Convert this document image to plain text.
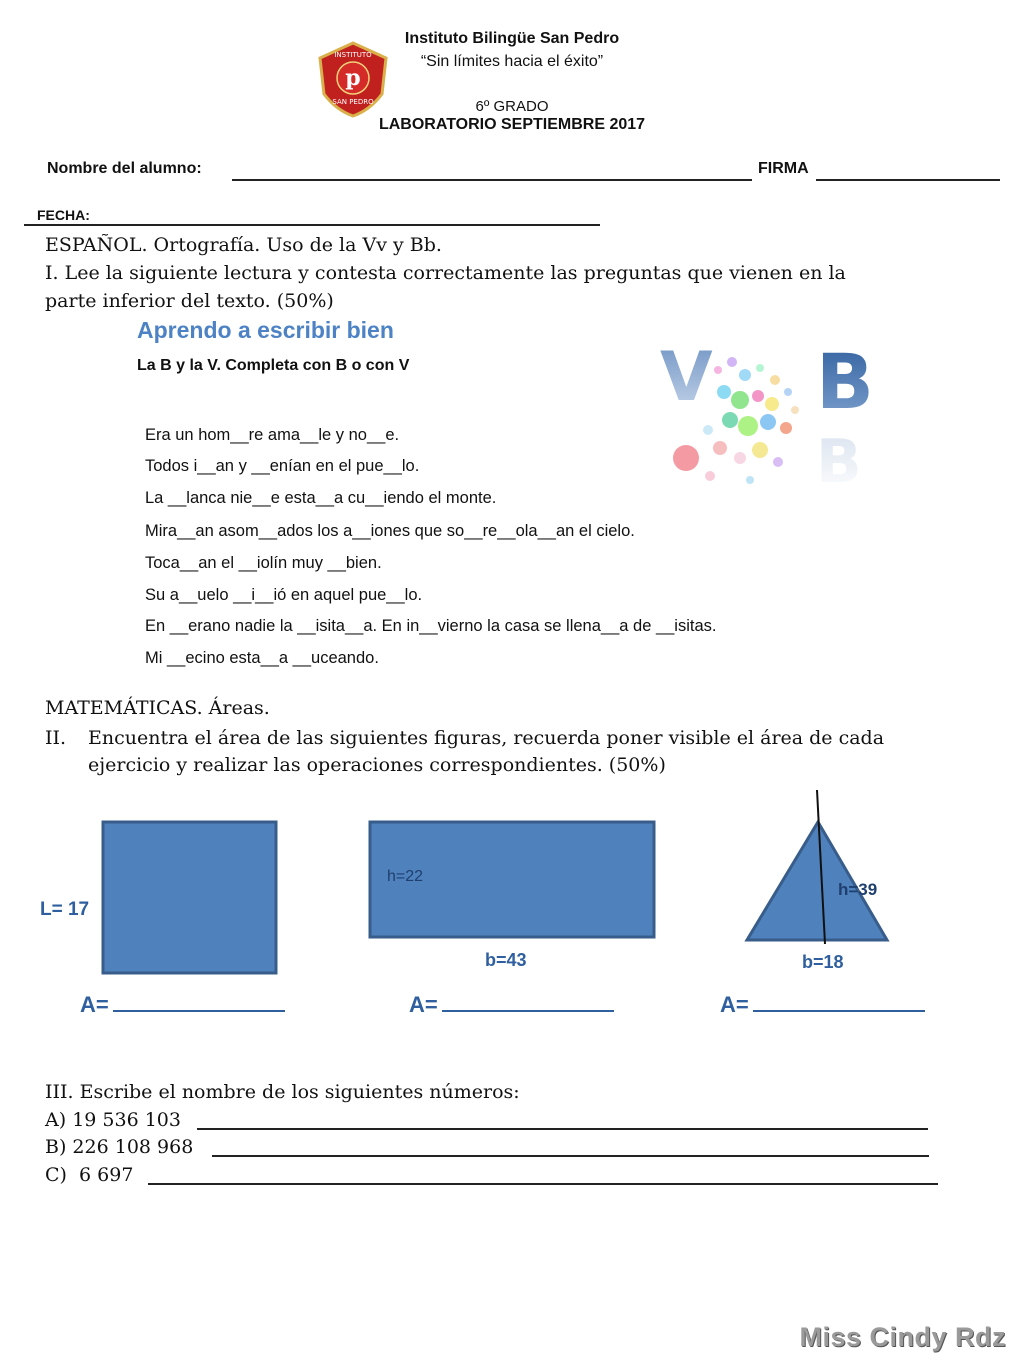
p
INSTITUTO
SAN PEDRO
Instituto Bilingüe San Pedro
“Sin límites hacia el éxito”
6º GRADO
LABORATORIO SEPTIEMBRE 2017
Nombre del alumno:	FIRMA
FECHA:
ESPAÑOL. Ortografía. Uso de la Vv y Bb.
I. Lee la siguiente lectura y contesta correctamente las preguntas que vienen en la
parte inferior del texto. (50%)
Aprendo a escribir bien
La B y la V. Completa con B o con V	V B
B
Era un hom__re ama__le y no__e.
Todos i__an y __enían en el pue__lo.
La __lanca nie__e esta__a cu__iendo el monte.
Mira__an asom__ados los a__iones que so__re__ola__an el cielo.
Toca__an el __iolín muy __bien.
Su a__uelo __i__ió en aquel pue__lo.
En __erano nadie la __isita__a. En in__vierno la casa se llena__a de __isitas.
Mi __ecino esta__a __uceando.
MATEMÁTICAS. Áreas.
II. Encuentra el área de las siguientes figuras, recuerda poner visible el área de cada
ejercicio y realizar las operaciones correspondientes. (50%)
L= 17
h=22
b=43
h=39
b=18
A=	A=	A=
III. Escribe el nombre de los siguientes números:
A) 19 536 103
B) 226 108 968
C)  6 697
Miss Cindy Rdz
